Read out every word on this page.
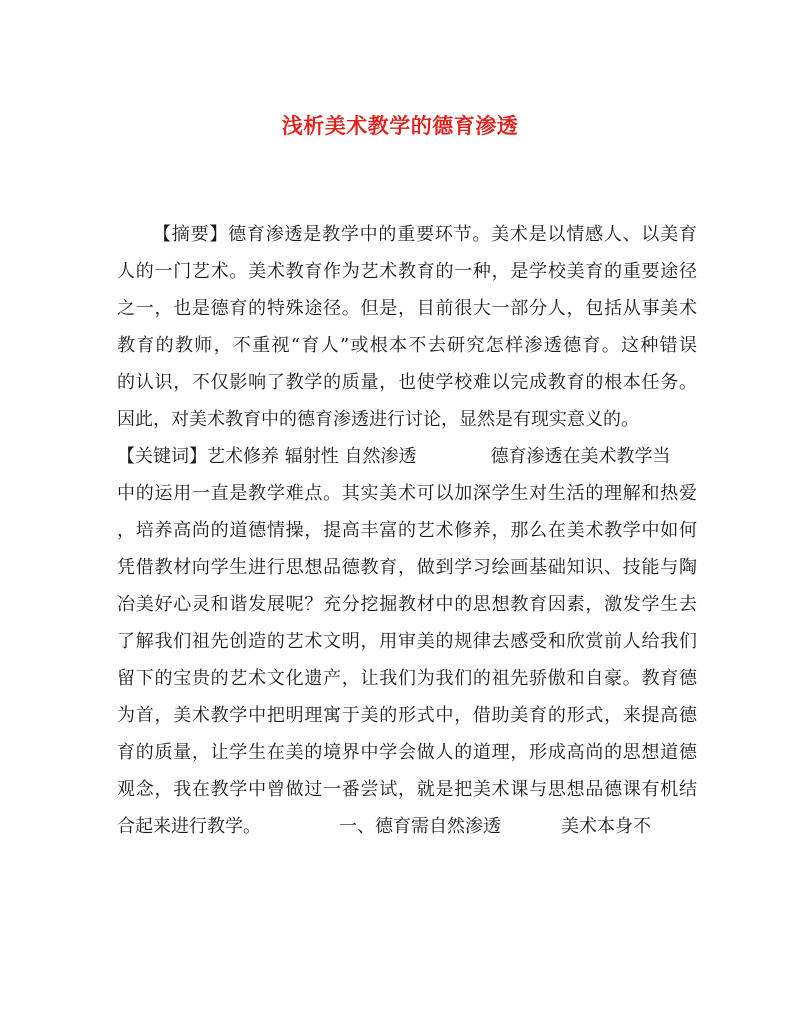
浅析美术教学的德育渗透
【摘要】德育渗透是教学中的重要环节。美术是以情感人、以美育
人的一门艺术。美术教育作为艺术教育的一种，是学校美育的重要途径
之一，也是德育的特殊途径。但是，目前很大一部分人，包括从事美术
教育的教师，不重视“育人”或根本不去研究怎样渗透德育。这种错误
的认识，不仅影响了教学的质量，也使学校难以完成教育的根本任务。
因此，对美术教育中的德育渗透进行讨论，显然是有现实意义的。
【关键词】艺术修养 辐射性 自然渗透	德育渗透在美术教学当
中的运用一直是教学难点。其实美术可以加深学生对生活的理解和热爱
，培养高尚的道德情操，提高丰富的艺术修养，那么在美术教学中如何
凭借教材向学生进行思想品德教育，做到学习绘画基础知识、技能与陶
冶美好心灵和谐发展呢？充分挖掘教材中的思想教育因素，激发学生去
了解我们祖先创造的艺术文明，用审美的规律去感受和欣赏前人给我们
留下的宝贵的艺术文化遗产，让我们为我们的祖先骄傲和自豪。教育德
为首，美术教学中把明理寓于美的形式中，借助美育的形式，来提高德
育的质量，让学生在美的境界中学会做人的道理，形成高尚的思想道德
观念，我在教学中曾做过一番尝试，就是把美术课与思想品德课有机结
合起来进行教学。	一、德育需自然渗透	美术本身不
